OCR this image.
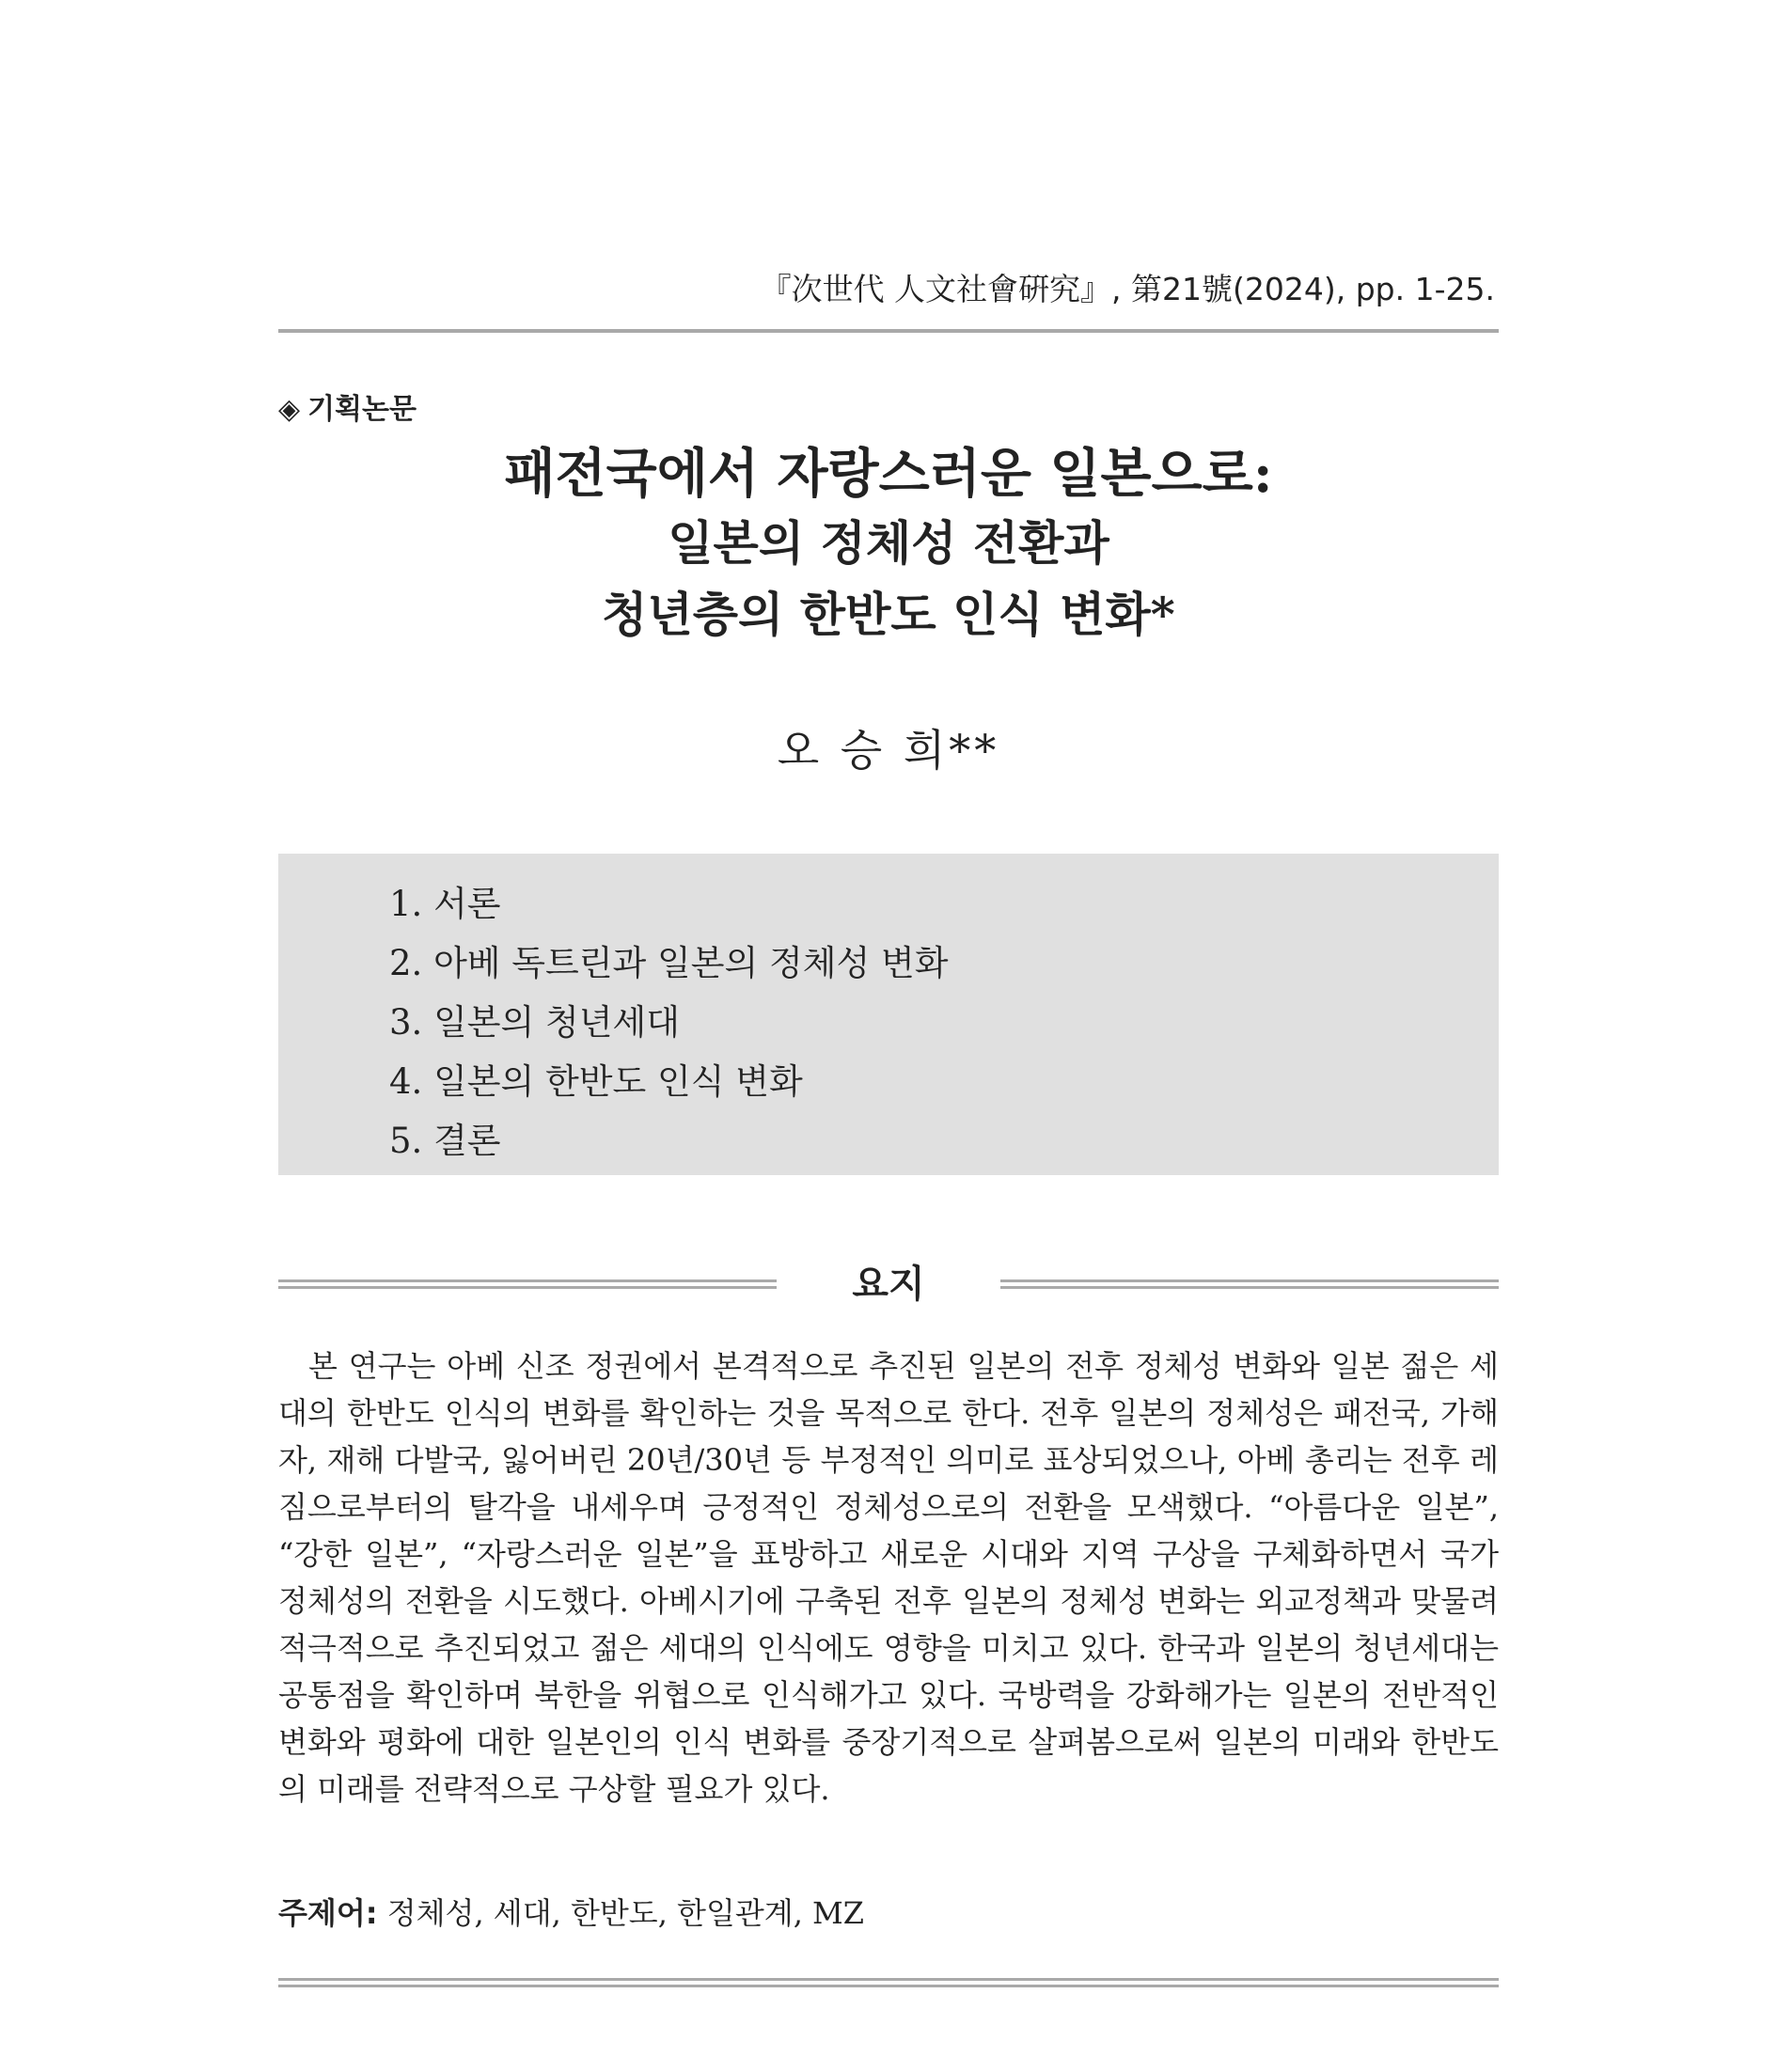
『次世代 人文社會硏究』, 第21號(2024), pp. 1-25.
◈ 기획논문
패전국에서 자랑스러운 일본으로:
일본의 정체성 전환과
청년층의 한반도 인식 변화*
오 승 희**
1. 서론
2. 아베 독트린과 일본의 정체성 변화
3. 일본의 청년세대
4. 일본의 한반도 인식 변화
5. 결론
요지
본 연구는 아베 신조 정권에서 본격적으로 추진된 일본의 전후 정체성 변화와 일본 젊은 세대의 한반도 인식의 변화를 확인하는 것을 목적으로 한다. 전후 일본의 정체성은 패전국, 가해자, 재해 다발국, 잃어버린 20년/30년 등 부정적인 의미로 표상되었으나, 아베 총리는 전후 레짐으로부터의 탈각을 내세우며 긍정적인 정체성으로의 전환을 모색했다. “아름다운 일본”, “강한 일본”, “자랑스러운 일본”을 표방하고 새로운 시대와 지역 구상을 구체화하면서 국가 정체성의 전환을 시도했다. 아베시기에 구축된 전후 일본의 정체성 변화는 외교정책과 맞물려 적극적으로 추진되었고 젊은 세대의 인식에도 영향을 미치고 있다. 한국과 일본의 청년세대는 공통점을 확인하며 북한을 위협으로 인식해가고 있다. 국방력을 강화해가는 일본의 전반적인 변화와 평화에 대한 일본인의 인식 변화를 중장기적으로 살펴봄으로써 일본의 미래와 한반도의 미래를 전략적으로 구상할 필요가 있다.
주제어: 정체성, 세대, 한반도, 한일관계, MZ
